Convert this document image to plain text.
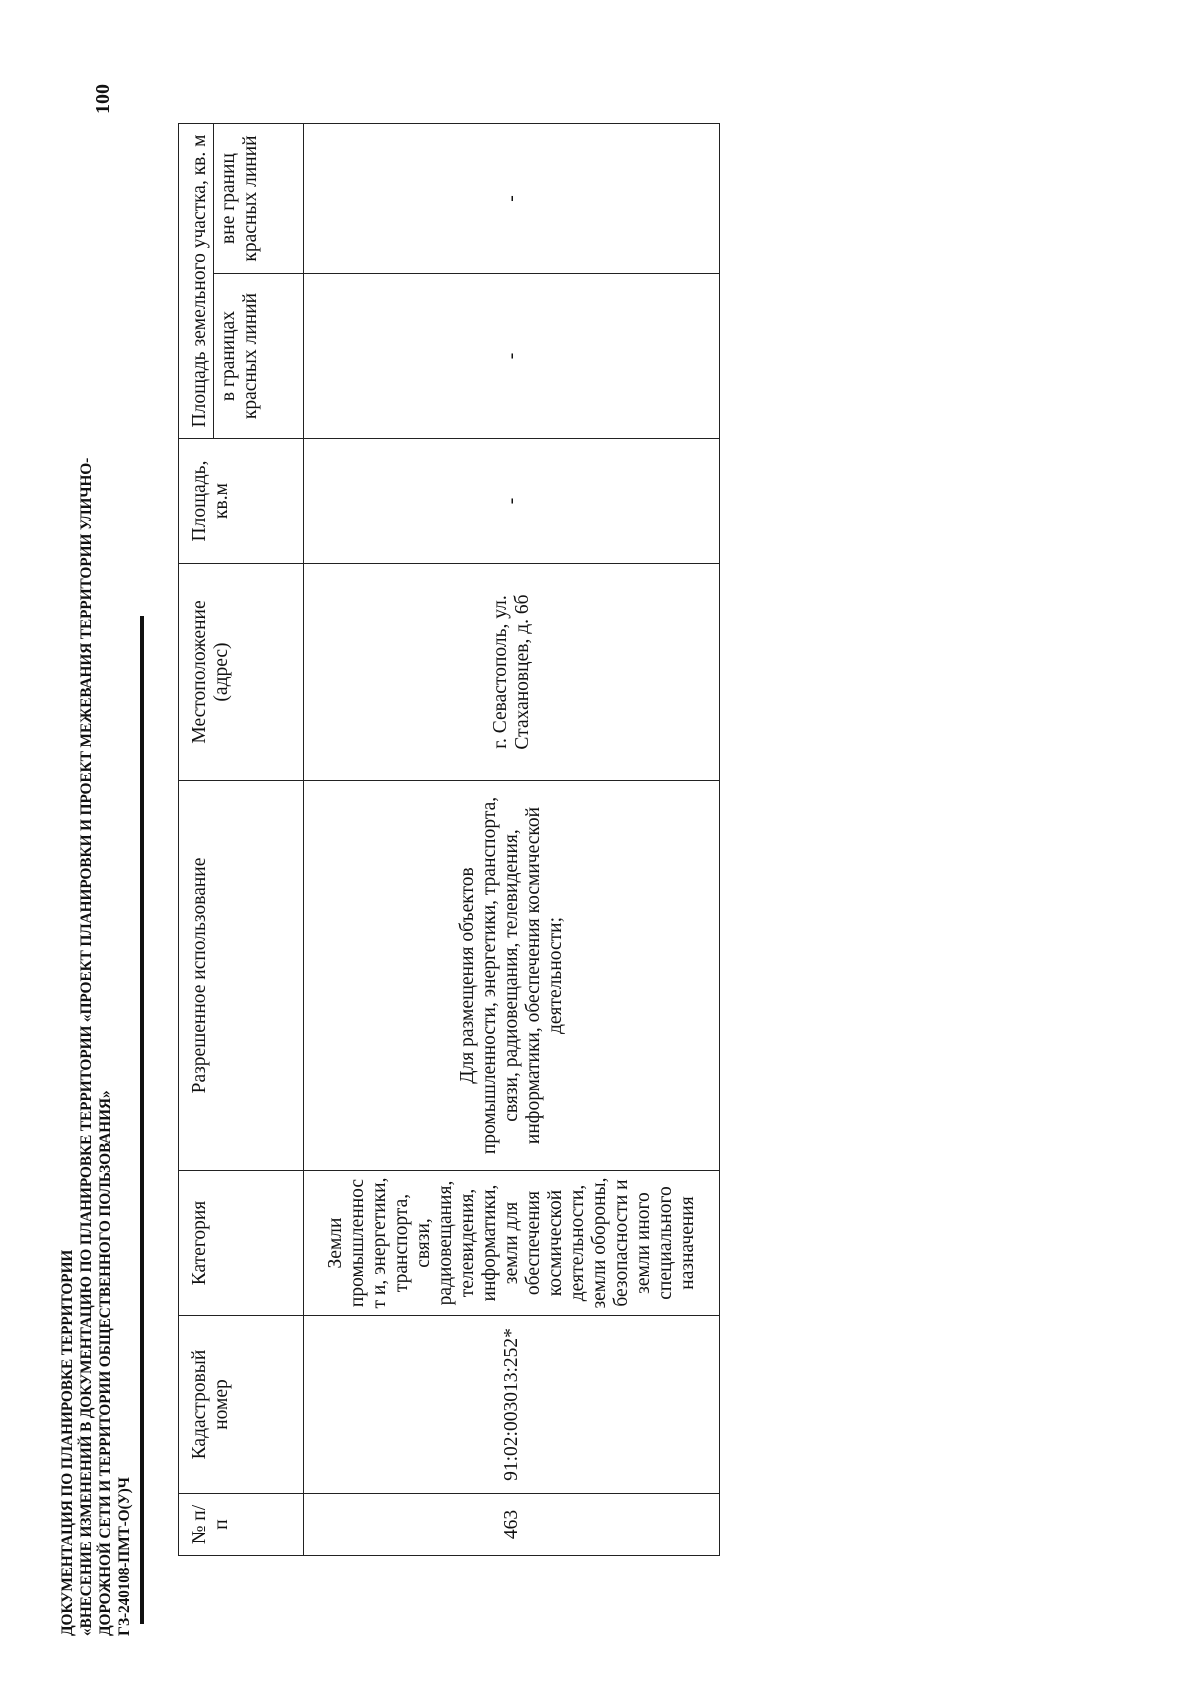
ДОКУМЕНТАЦИЯ ПО ПЛАНИРОВКЕ ТЕРРИТОРИИ «ВНЕСЕНИЕ ИЗМЕНЕНИЙ В ДОКУМЕНТАЦИЮ ПО ПЛАНИРОВКЕ ТЕРРИТОРИИ «ПРОЕКТ ПЛАНИРОВКИ И ПРОЕКТ МЕЖЕВАНИЯ ТЕРРИТОРИИ УЛИЧНО- ДОРОЖНОЙ СЕТИ И ТЕРРИТОРИИ ОБЩЕСТВЕННОГО ПОЛЬЗОВАНИЯ» ГЗ-240108-ПМТ-О(У)Ч
100
№ п/п	Кадастровый номер	Категория	Разрешенное использование	Местоположение (адрес)	Площадь, кв.м	Площадь земельного участка, кв. м	
						в границах красных линий	вне границ красных линий
463	91:02:003013:252*	Земли промышленност и, энергетики, транспорта, связи, радиовещания, телевидения, информатики, земли для обеспечения космической деятельности, земли обороны, безопасности и земли иного специального назначения	Для размещения объектов промышленности, энергетики, транспорта, связи, радиовещания, телевидения, информатики, обеспечения космической деятельности;	г. Севастополь, ул. Стахановцев, д. 6б	-	-	-
